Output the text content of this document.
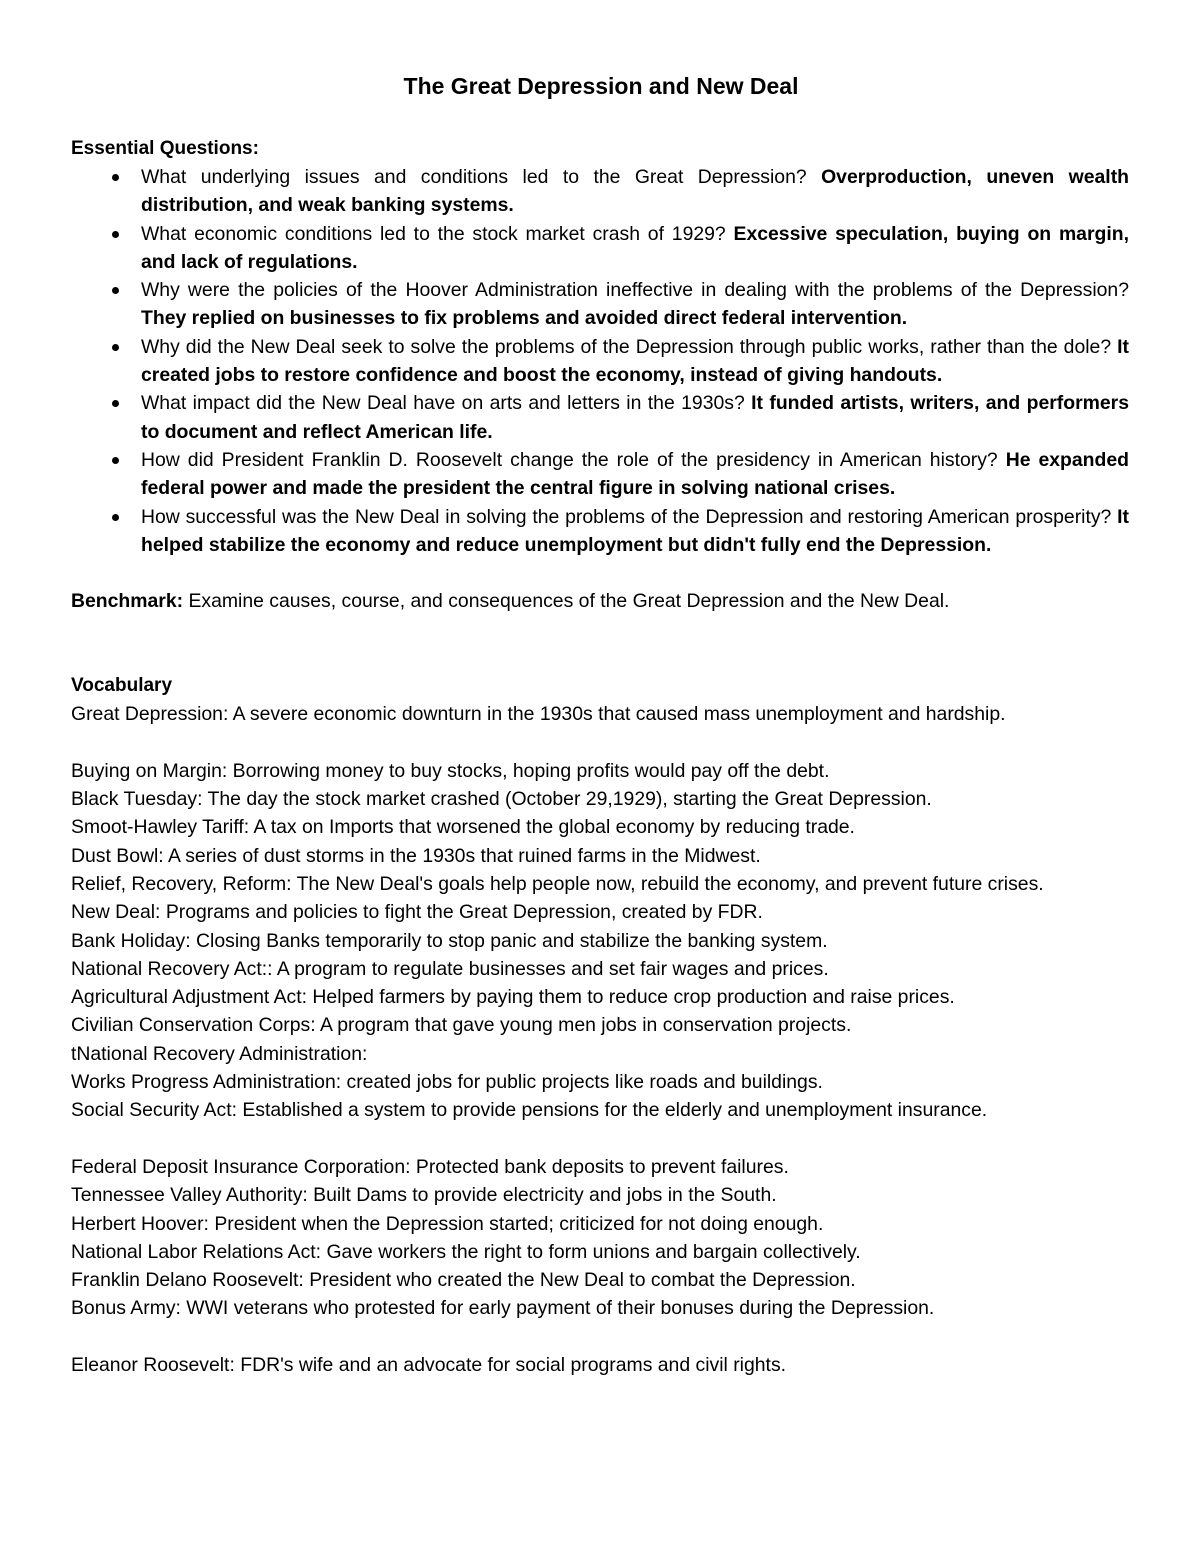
The Great Depression and New Deal
Essential Questions:
What underlying issues and conditions led to the Great Depression? Overproduction, uneven wealth distribution, and weak banking systems.
What economic conditions led to the stock market crash of 1929? Excessive speculation, buying on margin, and lack of regulations.
Why were the policies of the Hoover Administration ineffective in dealing with the problems of the Depression? They replied on businesses to fix problems and avoided direct federal intervention.
Why did the New Deal seek to solve the problems of the Depression through public works, rather than the dole? It created jobs to restore confidence and boost the economy, instead of giving handouts.
What impact did the New Deal have on arts and letters in the 1930s? It funded artists, writers, and performers to document and reflect American life.
How did President Franklin D. Roosevelt change the role of the presidency in American history? He expanded federal power and made the president the central figure in solving national crises.
How successful was the New Deal in solving the problems of the Depression and restoring American prosperity? It helped stabilize the economy and reduce unemployment but didn't fully end the Depression.
Benchmark: Examine causes, course, and consequences of the Great Depression and the New Deal.
Vocabulary
Great Depression: A severe economic downturn in the 1930s that caused mass unemployment and hardship.
Buying on Margin: Borrowing money to buy stocks, hoping profits would pay off the debt.
Black Tuesday: The day the stock market crashed (October 29,1929), starting the Great Depression.
Smoot-Hawley Tariff: A tax on Imports that worsened the global economy by reducing trade.
Dust Bowl: A series of dust storms in the 1930s that ruined farms in the Midwest.
Relief, Recovery, Reform: The New Deal's goals help people now, rebuild the economy, and prevent future crises.
New Deal: Programs and policies to fight the Great Depression, created by FDR.
Bank Holiday: Closing Banks temporarily to stop panic and stabilize the banking system.
National Recovery Act:: A program to regulate businesses and set fair wages and prices.
Agricultural Adjustment Act: Helped farmers by paying them to reduce crop production and raise prices.
Civilian Conservation Corps: A program that gave young men jobs in conservation projects.
tNational Recovery Administration:
Works Progress Administration: created jobs for public projects like roads and buildings.
Social Security Act: Established a system to provide pensions for the elderly and unemployment insurance.
Federal Deposit Insurance Corporation: Protected bank deposits to prevent failures.
Tennessee Valley Authority: Built Dams to provide electricity and jobs in the South.
Herbert Hoover: President when the Depression started; criticized for not doing enough.
National Labor Relations Act: Gave workers the right to form unions and bargain collectively.
Franklin Delano Roosevelt: President who created the New Deal to combat the Depression.
Bonus Army: WWI veterans who protested for early payment of their bonuses during the Depression.
Eleanor Roosevelt: FDR's wife and an advocate for social programs and civil rights.
